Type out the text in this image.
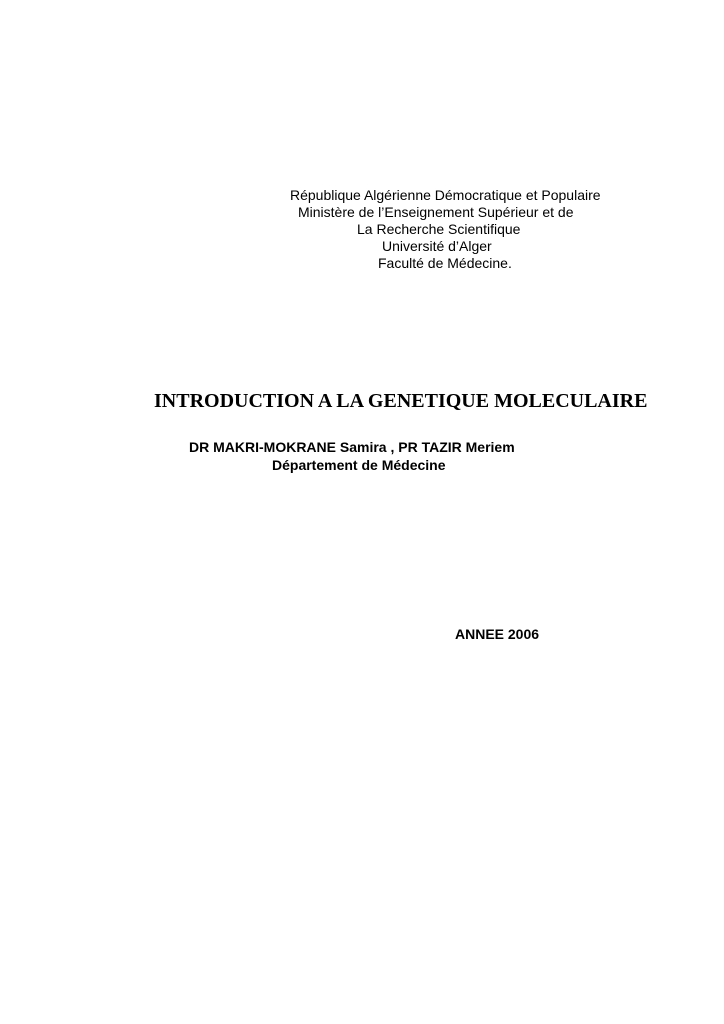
République Algérienne Démocratique et Populaire
Ministère de l’Enseignement Supérieur et de
La Recherche Scientifique
Université d’Alger
Faculté de Médecine.
INTRODUCTION A LA GENETIQUE MOLECULAIRE
DR MAKRI-MOKRANE Samira , PR TAZIR Meriem
Département de Médecine
ANNEE 2006
